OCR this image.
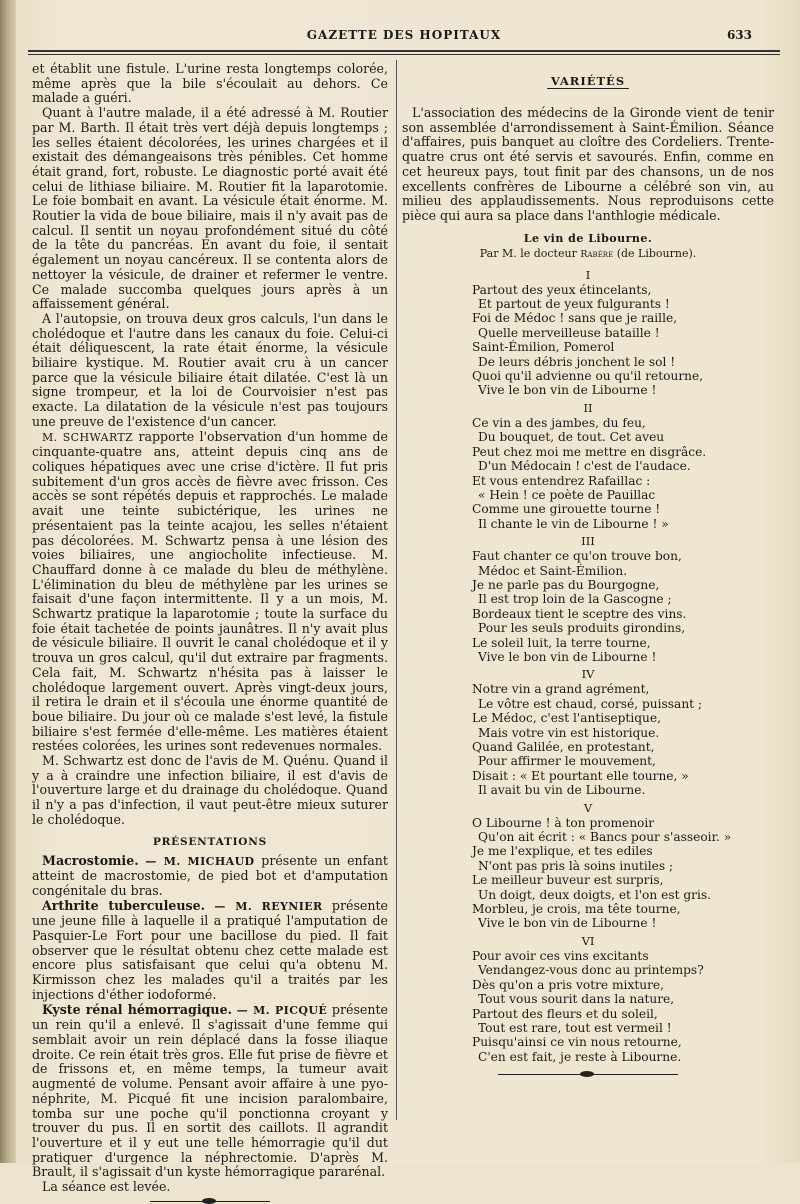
GAZETTE DES HOPITAUX	633

et établit une fistule. L'urine resta longtemps colorée, même après que la bile s'écoulait au dehors. Ce malade a guéri.

Quant à l'autre malade, il a été adressé à M. Routier par M. Barth. Il était très vert déjà depuis longtemps ; les selles étaient décolorées, les urines chargées et il existait des démangeaisons très pénibles. Cet homme était grand, fort, robuste. Le diagnostic porté avait été celui de lithiase biliaire. M. Routier fit la laparotomie. Le foie bombait en avant. La vésicule était énorme. M. Routier la vida de boue biliaire, mais il n'y avait pas de calcul. Il sentit un noyau profondément situé du côté de la tête du pancréas. En avant du foie, il sentait également un noyau cancéreux. Il se contenta alors de nettoyer la vésicule, de drainer et refermer le ventre. Ce malade succomba quelques jours après à un affaissement général.

A l'autopsie, on trouva deux gros calculs, l'un dans le cholédoque et l'autre dans les canaux du foie. Celui-ci était déliquescent, la rate était énorme, la vésicule biliaire kystique. M. Routier avait cru à un cancer parce que la vésicule biliaire était dilatée. C'est là un signe trompeur, et la loi de Courvoisier n'est pas exacte. La dilatation de la vésicule n'est pas toujours une preuve de l'existence d'un cancer.

M. SCHWARTZ rapporte l'observation d'un homme de cinquante-quatre ans, atteint depuis cinq ans de coliques hépatiques avec une crise d'ictère. Il fut pris subitement d'un gros accès de fièvre avec frisson. Ces accès se sont répétés depuis et rapprochés. Le malade avait une teinte subictérique, les urines ne présentaient pas la teinte acajou, les selles n'étaient pas décolorées. M. Schwartz pensa à une lésion des voies biliaires, une angiocholite infectieuse. M. Chauffard donne à ce malade du bleu de méthylène. L'élimination du bleu de méthylène par les urines se faisait d'une façon intermittente. Il y a un mois, M. Schwartz pratique la laparotomie ; toute la surface du foie était tachetée de points jaunâtres. Il n'y avait plus de vésicule biliaire. Il ouvrit le canal cholédoque et il y trouva un gros calcul, qu'il dut extraire par fragments. Cela fait, M. Schwartz n'hésita pas à laisser le cholédoque largement ouvert. Après vingt-deux jours, il retira le drain et il s'écoula une énorme quantité de boue biliaire. Du jour où ce malade s'est levé, la fistule biliaire s'est fermée d'elle-même. Les matières étaient restées colorées, les urines sont redevenues normales.

M. Schwartz est donc de l'avis de M. Quénu. Quand il y a à craindre une infection biliaire, il est d'avis de l'ouverture large et du drainage du cholédoque. Quand il n'y a pas d'infection, il vaut peut-être mieux suturer le cholédoque.

PRÉSENTATIONS

Macrostomie. — M. MICHAUD présente un enfant atteint de macrostomie, de pied bot et d'amputation congénitale du bras.

Arthrite tuberculeuse. — M. REYNIER présente une jeune fille à laquelle il a pratiqué l'amputation de Pasquier-Le Fort pour une bacillose du pied. Il fait observer que le résultat obtenu chez cette malade est encore plus satisfaisant que celui qu'a obtenu M. Kirmisson chez les malades qu'il a traités par les injections d'éther iodoformé.

Kyste rénal hémorragique. — M. PICQUÉ présente un rein qu'il a enlevé. Il s'agissait d'une femme qui semblait avoir un rein déplacé dans la fosse iliaque droite. Ce rein était très gros. Elle fut prise de fièvre et de frissons et, en même temps, la tumeur avait augmenté de volume. Pensant avoir affaire à une pyo-néphrite, M. Picqué fit une incision paralombaire, tomba sur une poche qu'il ponctionna croyant y trouver du pus. Il en sortit des caillots. Il agrandit l'ouverture et il y eut une telle hémorragie qu'il dut pratiquer d'urgence la néphrectomie. D'après M. Brault, il s'agissait d'un kyste hémorragique pararénal.

La séance est levée.

VARIÉTÉS

L'association des médecins de la Gironde vient de tenir son assemblée d'arrondissement à Saint-Émilion. Séance d'affaires, puis banquet au cloître des Cordeliers. Trente-quatre crus ont été servis et savourés. Enfin, comme en cet heureux pays, tout finit par des chansons, un de nos excellents confrères de Libourne a célébré son vin, au milieu des applaudissements. Nous reproduisons cette pièce qui aura sa place dans l'anthlogie médicale.

Le vin de Libourne.
Par M. le docteur Rabère (de Libourne).
I
Partout des yeux étincelants,
Et partout de yeux fulgurants !
Foi de Médoc ! sans que je raille,
Quelle merveilleuse bataille !
Saint-Émilion, Pomerol
De leurs débris jonchent le sol !
Quoi qu'il advienne ou qu'il retourne,
Vive le bon vin de Libourne !
II
Ce vin a des jambes, du feu,
Du bouquet, de tout. Cet aveu
Peut chez moi me mettre en disgrâce.
D'un Médocain ! c'est de l'audace.
Et vous entendrez Rafaillac :
« Hein ! ce poète de Pauillac
Comme une girouette tourne !
Il chante le vin de Libourne ! »
III
Faut chanter ce qu'on trouve bon,
Médoc et Saint-Émilion.
Je ne parle pas du Bourgogne,
Il est trop loin de la Gascogne ;
Bordeaux tient le sceptre des vins.
Pour les seuls produits girondins,
Le soleil luit, la terre tourne,
Vive le bon vin de Libourne !
IV
Notre vin a grand agrément,
Le vôtre est chaud, corsé, puissant ;
Le Médoc, c'est l'antiseptique,
Mais votre vin est historique.
Quand Galilée, en protestant,
Pour affirmer le mouvement,
Disait : « Et pourtant elle tourne, »
Il avait bu vin de Libourne.
V
O Libourne ! à ton promenoir
Qu'on ait écrit : « Bancs pour s'asseoir. »
Je me l'explique, et tes ediles
N'ont pas pris là soins inutiles ;
Le meilleur buveur est surpris,
Un doigt, deux doigts, et l'on est gris.
Morbleu, je crois, ma tête tourne,
Vive le bon vin de Libourne !
VI
Pour avoir ces vins excitants
Vendangez-vous donc au printemps?
Dès qu'on a pris votre mixture,
Tout vous sourit dans la nature,
Partout des fleurs et du soleil,
Tout est rare, tout est vermeil !
Puisqu'ainsi ce vin nous retourne,
C'en est fait, je reste à Libourne.
